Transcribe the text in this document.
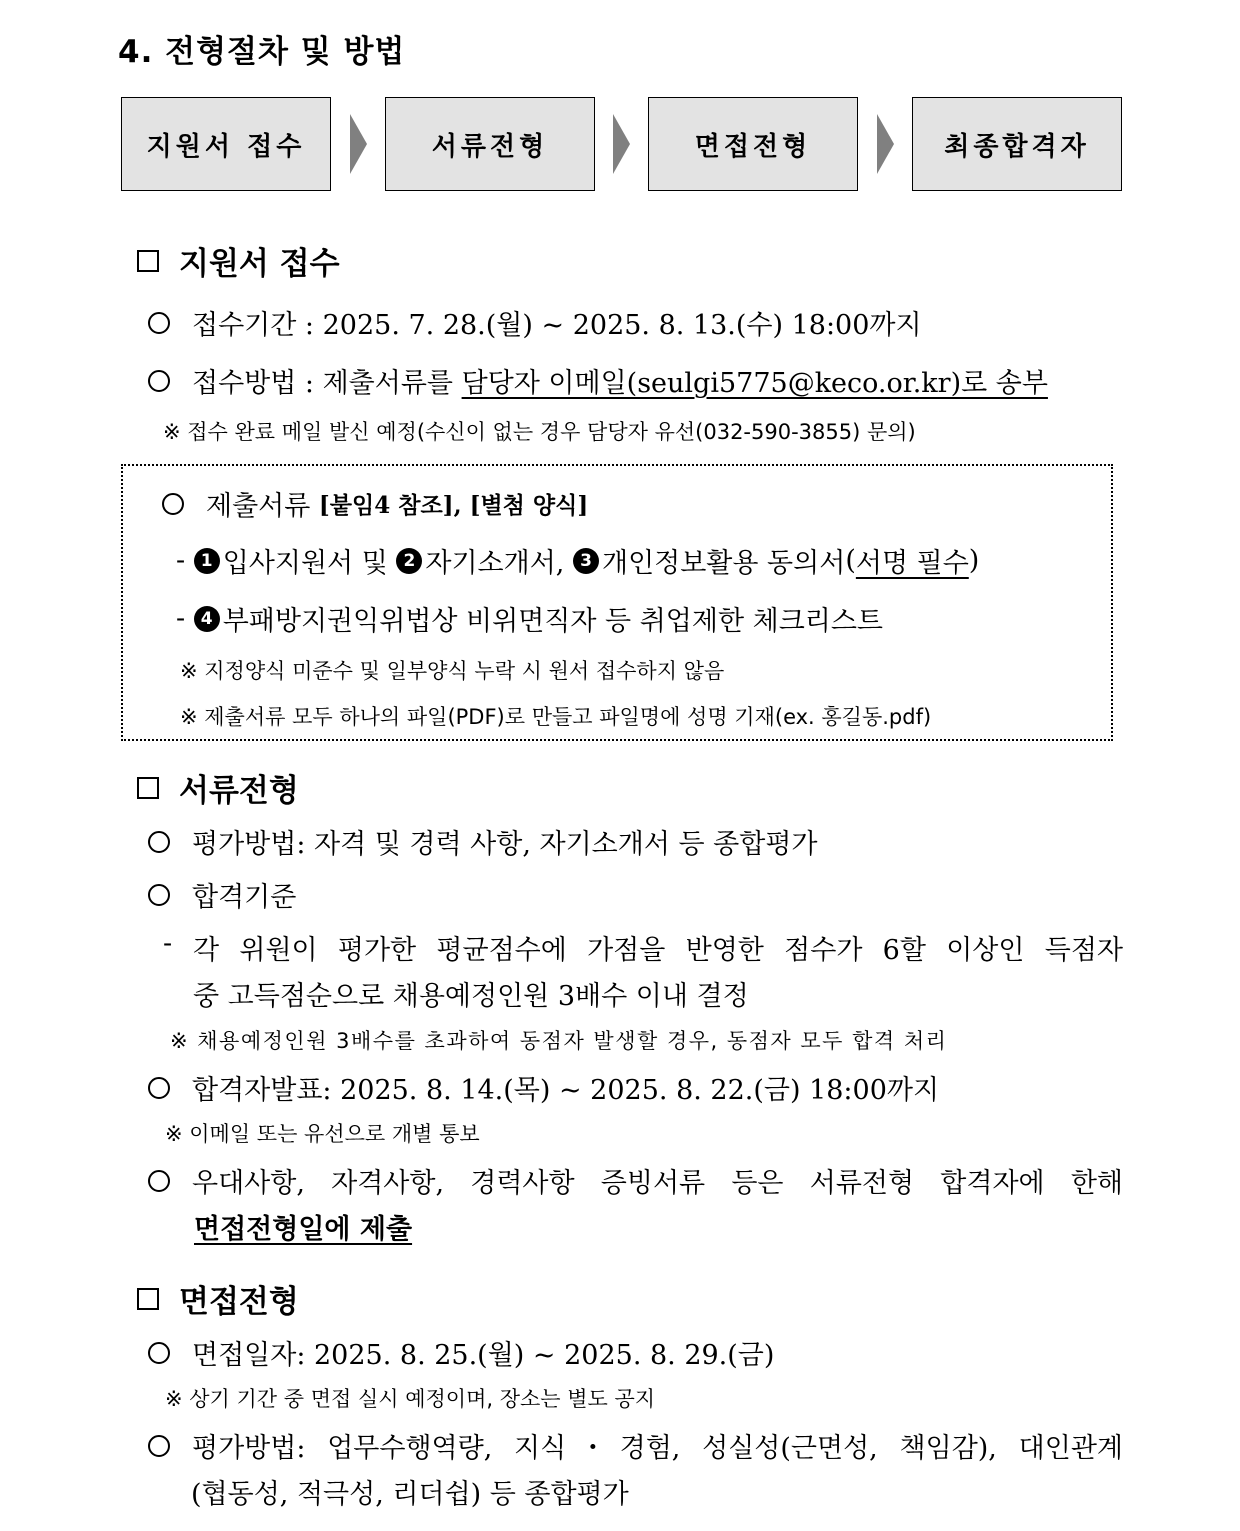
4. 전형절차 및 방법
지원서 접수	서류전형	면접전형	최종합격자
지원서 접수
접수기간 :
2025. 7. 28.(월) ~ 2025. 8. 13.(수) 18:00까지
접수방법 : 제출서류를
담당자 이메일(seulgi5775@keco.or.kr)로 송부
※ 접수 완료 메일 발신 예정(수신이 없는 경우 담당자 유선(032-590-3855) 문의)
제출서류
[붙임4 참조], [별첨 양식]
-
1 입사지원서 및
2 자기소개서,
3 개인정보활용 동의서 ( 서명 필수 )
-
4 부패방지권익위법상 비위면직자 등 취업제한 체크리스트
※ 지정양식 미준수 및 일부양식 누락 시 원서 접수하지 않음
※ 제출서류 모두 하나의 파일(PDF)로 만들고 파일명에 성명 기재(ex. 홍길동.pdf)
서류전형
평가방법: 자격 및 경력 사항, 자기소개서 등 종합평가
합격기준
- 각 위원이 평가한 평균점수에 가점을 반영한 점수가 6할 이상인 득점자
중 고득점순으로 채용예정인원 3배수 이내 결정
※ 채용예정인원 3배수를 초과하여 동점자 발생할 경우, 동점자 모두 합격 처리
합격자발표: 2025. 8. 14.(목) ~ 2025. 8. 22.(금) 18:00까지
※ 이메일 또는 유선으로 개별 통보
우대사항, 자격사항, 경력사항 증빙서류 등은 서류전형 합격자에 한해
면접전형일에 제출
면접전형
면접일자: 2025. 8. 25.(월) ~ 2025. 8. 29.(금)
※ 상기 기간 중 면접 실시 예정이며, 장소는 별도 공지
평가방법: 업무수행역량, 지식・경험, 성실성(근면성, 책임감), 대인관계
(협동성, 적극성, 리더쉽) 등 종합평가
